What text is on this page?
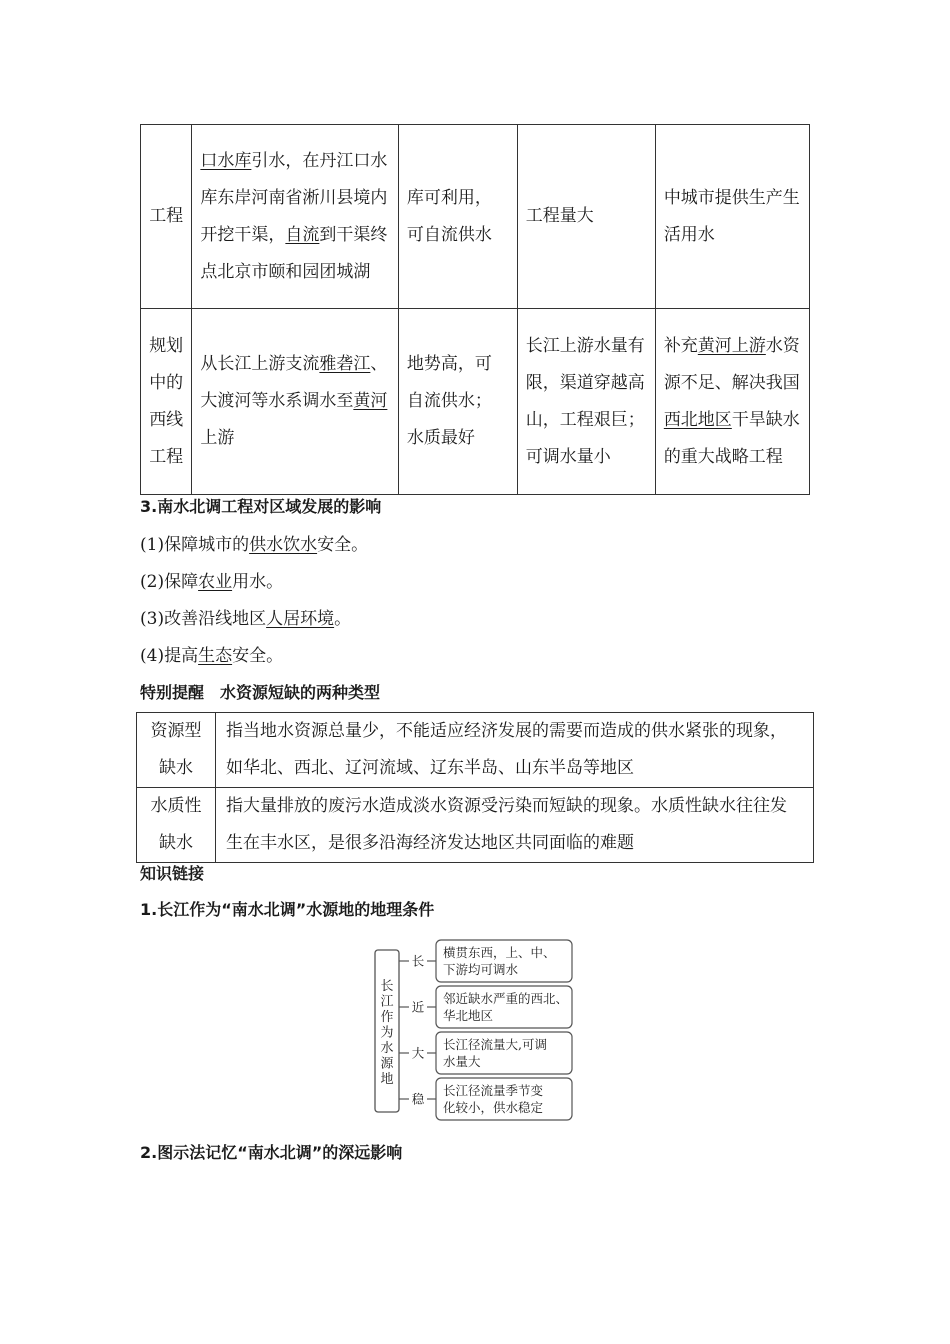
工程	口水库引水，在丹江口水库东岸河南省淅川县境内开挖干渠，自流到干渠终点北京市颐和园团城湖	库可利用，可自流供水	工程量大	中城市提供生产生活用水
规划中的西线工程	从长江上游支流雅砻江、大渡河等水系调水至黄河上游	地势高，可自流供水；水质最好	长江上游水量有限，渠道穿越高山，工程艰巨；可调水量小	补充黄河上游水资源不足、解决我国西北地区干旱缺水的重大战略工程
3.南水北调工程对区域发展的影响
(1)保障城市的供水饮水安全。
(2)保障农业用水。
(3)改善沿线地区人居环境。
(4)提高生态安全。
特别提醒　水资源短缺的两种类型
资源型缺水	指当地水资源总量少，不能适应经济发展的需要而造成的供水紧张的现象，如华北、西北、辽河流域、辽东半岛、山东半岛等地区
水质性缺水	指大量排放的废污水造成淡水资源受污染而短缺的现象。水质性缺水往往发生在丰水区，是很多沿海经济发达地区共同面临的难题
知识链接
1.长江作为“南水北调”水源地的地理条件
长江作为水源地
长
横贯东西，上、中、
下游均可调水
近
邻近缺水严重的西北、
华北地区
大
长江径流量大,可调
水量大
稳
长江径流量季节变
化较小，供水稳定
2.图示法记忆“南水北调”的深远影响
